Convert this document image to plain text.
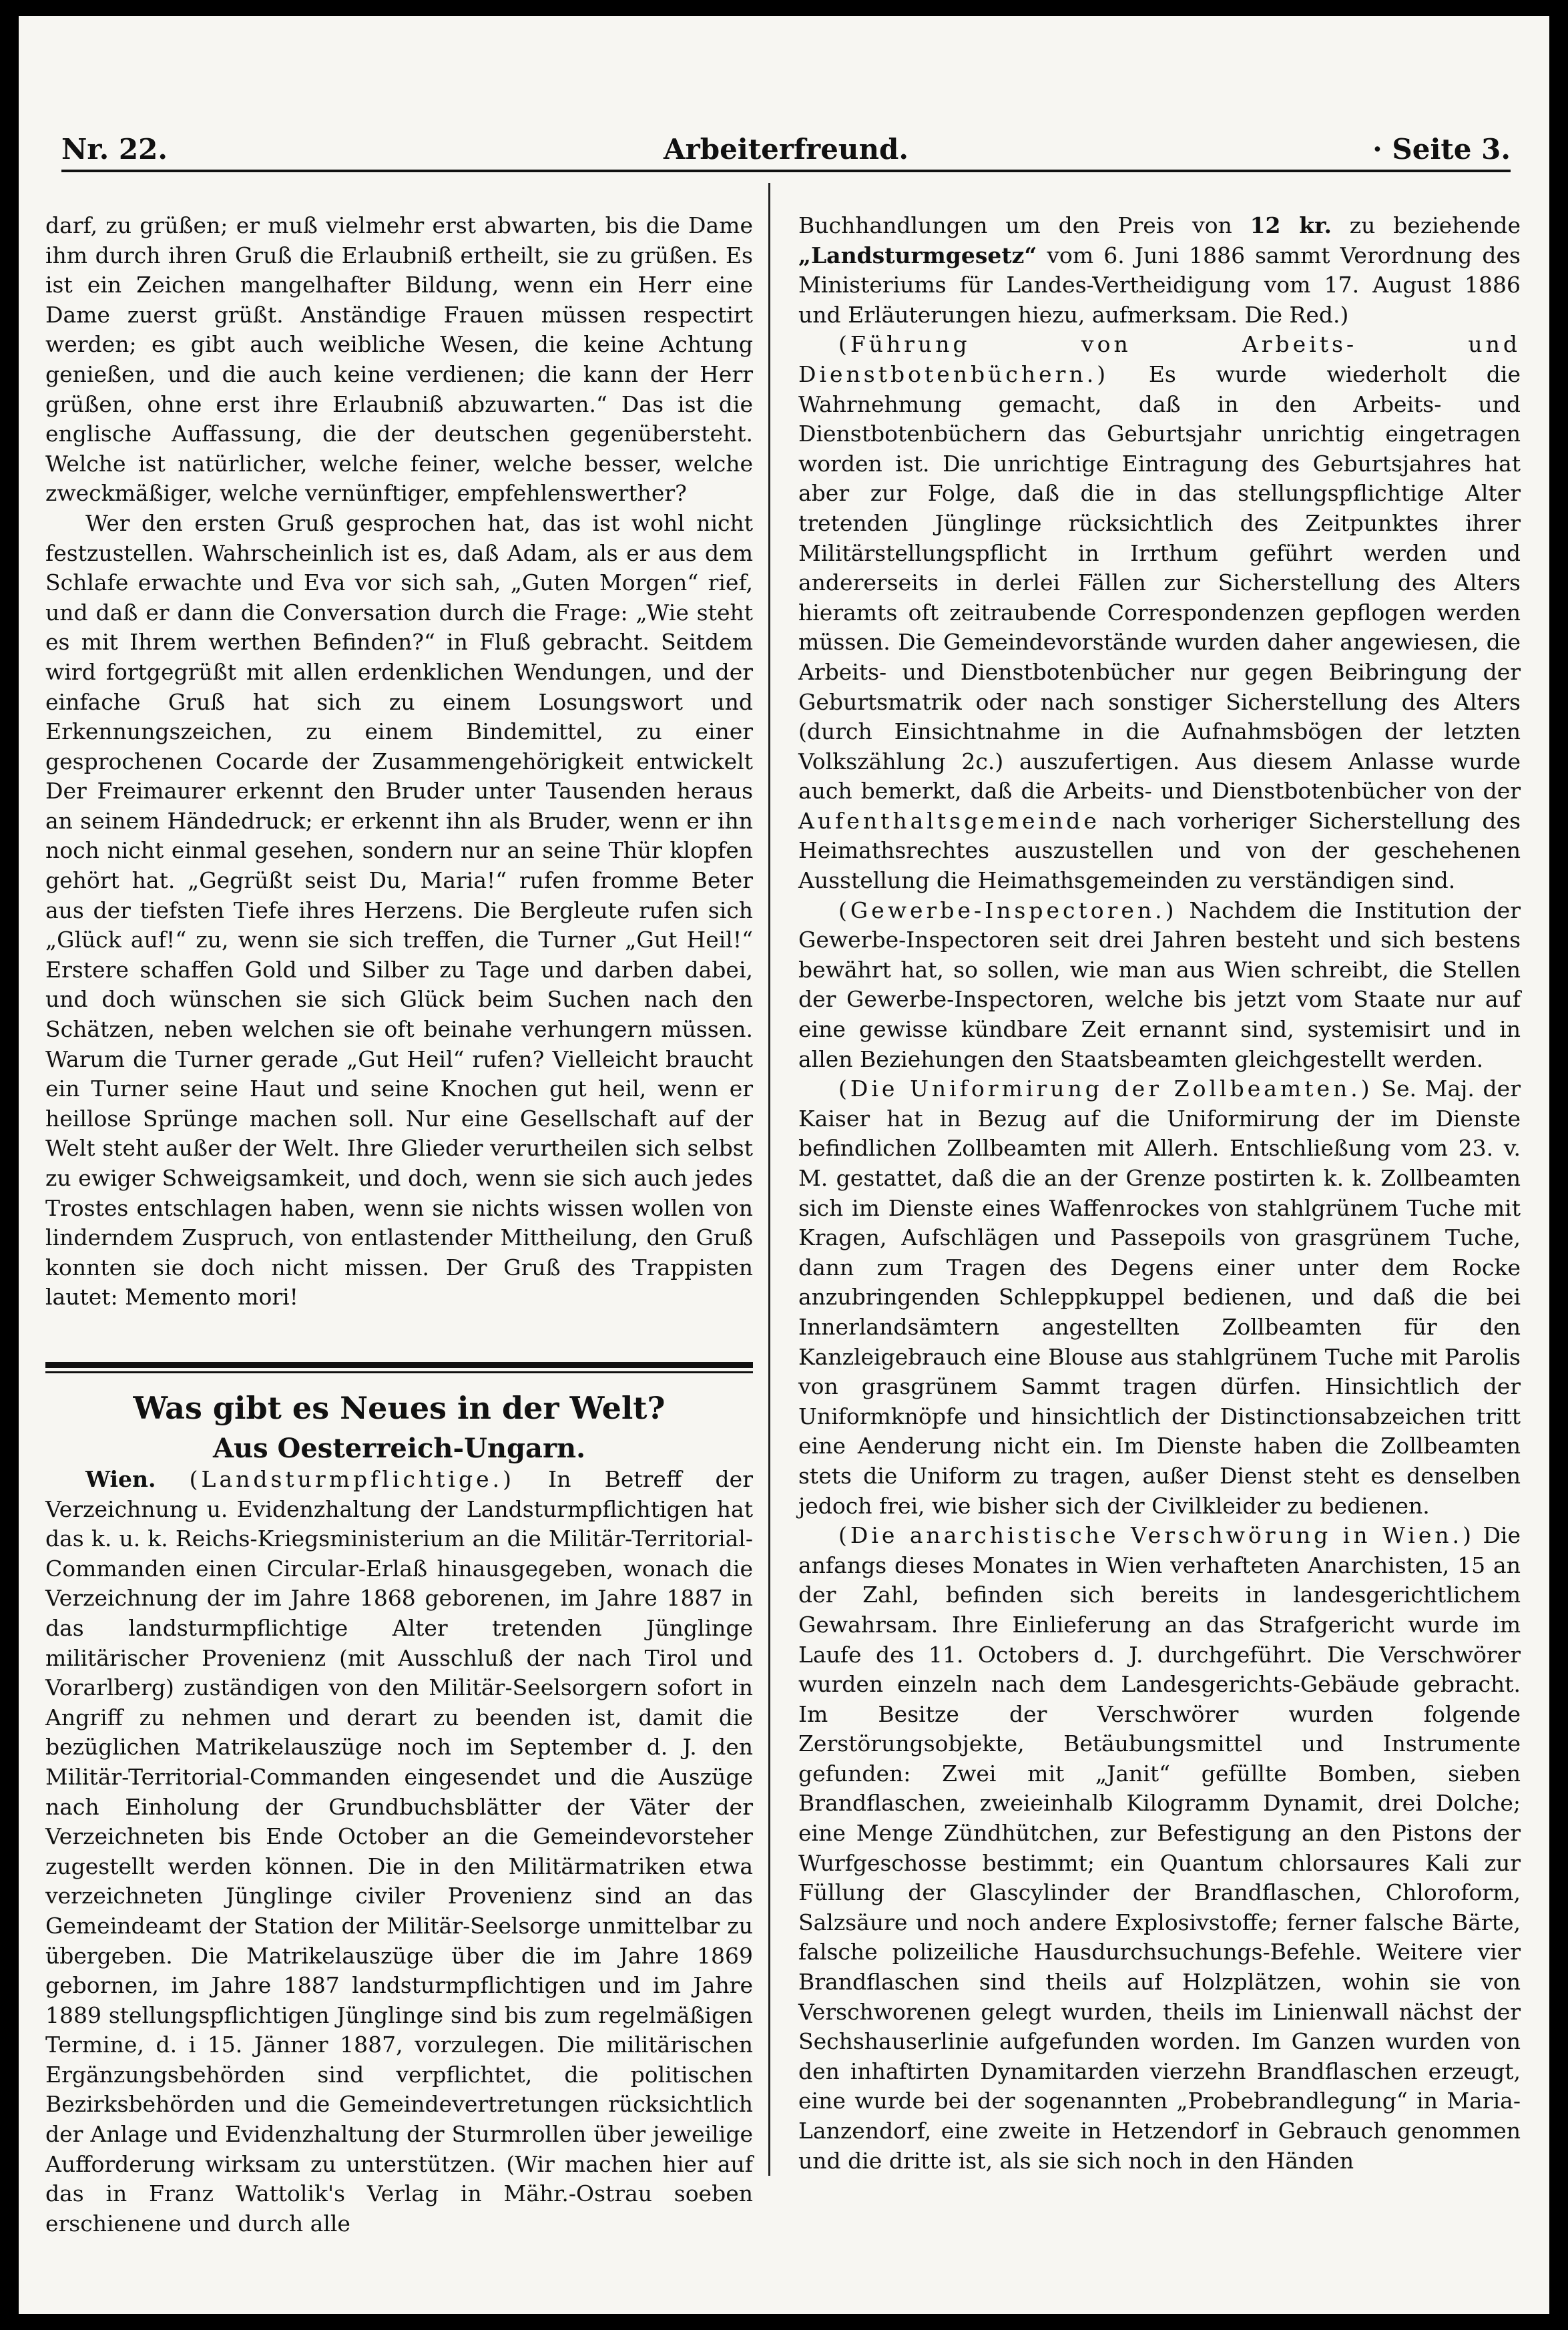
Nr. 22.	Arbeiterfreund.	· Seite 3.

darf, zu grüßen; er muß vielmehr erst abwarten, bis die Dame ihm durch ihren Gruß die Erlaubniß ertheilt, sie zu grüßen. Es ist ein Zeichen mangelhafter Bildung, wenn ein Herr eine Dame zuerst grüßt. Anständige Frauen müssen respectirt werden; es gibt auch weibliche Wesen, die keine Achtung genießen, und die auch keine verdienen; die kann der Herr grüßen, ohne erst ihre Erlaubniß abzuwarten.“ Das ist die englische Auffassung, die der deutschen gegenübersteht. Welche ist natürlicher, welche feiner, welche besser, welche zweckmäßiger, welche vernünftiger, empfehlenswerther?

Wer den ersten Gruß gesprochen hat, das ist wohl nicht festzustellen. Wahrscheinlich ist es, daß Adam, als er aus dem Schlafe erwachte und Eva vor sich sah, „Guten Morgen“ rief, und daß er dann die Conversation durch die Frage: „Wie steht es mit Ihrem werthen Befinden?“ in Fluß gebracht. Seitdem wird fortgegrüßt mit allen erdenklichen Wendungen, und der einfache Gruß hat sich zu einem Losungswort und Erkennungszeichen, zu einem Bindemittel, zu einer gesprochenen Cocarde der Zusammengehörigkeit entwickelt Der Freimaurer erkennt den Bruder unter Tausenden heraus an seinem Händedruck; er erkennt ihn als Bruder, wenn er ihn noch nicht einmal gesehen, sondern nur an seine Thür klopfen gehört hat. „Gegrüßt seist Du, Maria!“ rufen fromme Beter aus der tiefsten Tiefe ihres Herzens. Die Bergleute rufen sich „Glück auf!“ zu, wenn sie sich treffen, die Turner „Gut Heil!“ Erstere schaffen Gold und Silber zu Tage und darben dabei, und doch wünschen sie sich Glück beim Suchen nach den Schätzen, neben welchen sie oft beinahe verhungern müssen. Warum die Turner gerade „Gut Heil“ rufen? Vielleicht braucht ein Turner seine Haut und seine Knochen gut heil, wenn er heillose Sprünge machen soll. Nur eine Gesellschaft auf der Welt steht außer der Welt. Ihre Glieder verurtheilen sich selbst zu ewiger Schweigsamkeit, und doch, wenn sie sich auch jedes Trostes entschlagen haben, wenn sie nichts wissen wollen von linderndem Zuspruch, von entlastender Mittheilung, den Gruß konnten sie doch nicht missen. Der Gruß des Trappisten lautet: Memento mori!

Was gibt es Neues in der Welt?
Aus Oesterreich-Ungarn.

Wien. (Landsturmpflichtige.) In Betreff der Verzeichnung u. Evidenzhaltung der Landsturmpflichtigen hat das k. u. k. Reichs-Kriegsministerium an die Militär-Territorial-Commanden einen Circular-Erlaß hinausgegeben, wonach die Verzeichnung der im Jahre 1868 geborenen, im Jahre 1887 in das landsturmpflichtige Alter tretenden Jünglinge militärischer Provenienz (mit Ausschluß der nach Tirol und Vorarlberg) zuständigen von den Militär-Seelsorgern sofort in Angriff zu nehmen und derart zu beenden ist, damit die bezüglichen Matrikelauszüge noch im September d. J. den Militär-Territorial-Commanden eingesendet und die Auszüge nach Einholung der Grundbuchsblätter der Väter der Verzeichneten bis Ende October an die Gemeindevorsteher zugestellt werden können. Die in den Militärmatriken etwa verzeichneten Jünglinge civiler Provenienz sind an das Gemeindeamt der Station der Militär-Seelsorge unmittelbar zu übergeben. Die Matrikelauszüge über die im Jahre 1869 gebornen, im Jahre 1887 landsturmpflichtigen und im Jahre 1889 stellungspflichtigen Jünglinge sind bis zum regelmäßigen Termine, d. i 15. Jänner 1887, vorzulegen. Die militärischen Ergänzungsbehörden sind verpflichtet, die politischen Bezirksbehörden und die Gemeindevertretungen rücksichtlich der Anlage und Evidenzhaltung der Sturmrollen über jeweilige Aufforderung wirksam zu unterstützen. (Wir machen hier auf das in Franz Wattolik's Verlag in Mähr.-Ostrau soeben erschienene und durch alle

Buchhandlungen um den Preis von 12 kr. zu beziehende „Landsturmgesetz“ vom 6. Juni 1886 sammt Verordnung des Ministeriums für Landes-Vertheidigung vom 17. August 1886 und Erläuterungen hiezu, aufmerksam. Die Red.)

(Führung von Arbeits- und Dienstbotenbüchern.) Es wurde wiederholt die Wahrnehmung gemacht, daß in den Arbeits- und Dienstbotenbüchern das Geburtsjahr unrichtig eingetragen worden ist. Die unrichtige Eintragung des Geburtsjahres hat aber zur Folge, daß die in das stellungspflichtige Alter tretenden Jünglinge rücksichtlich des Zeitpunktes ihrer Militärstellungspflicht in Irrthum geführt werden und andererseits in derlei Fällen zur Sicherstellung des Alters hieramts oft zeitraubende Correspondenzen gepflogen werden müssen. Die Gemeindevorstände wurden daher angewiesen, die Arbeits- und Dienstbotenbücher nur gegen Beibringung der Geburtsmatrik oder nach sonstiger Sicherstellung des Alters (durch Einsichtnahme in die Aufnahmsbögen der letzten Volkszählung 2c.) auszufertigen. Aus diesem Anlasse wurde auch bemerkt, daß die Arbeits- und Dienstbotenbücher von der Aufenthaltsgemeinde nach vorheriger Sicherstellung des Heimathsrechtes auszustellen und von der geschehenen Ausstellung die Heimathsgemeinden zu verständigen sind.

(Gewerbe-Inspectoren.) Nachdem die Institution der Gewerbe-Inspectoren seit drei Jahren besteht und sich bestens bewährt hat, so sollen, wie man aus Wien schreibt, die Stellen der Gewerbe-Inspectoren, welche bis jetzt vom Staate nur auf eine gewisse kündbare Zeit ernannt sind, systemisirt und in allen Beziehungen den Staatsbeamten gleichgestellt werden.

(Die Uniformirung der Zollbeamten.) Se. Maj. der Kaiser hat in Bezug auf die Uniformirung der im Dienste befindlichen Zollbeamten mit Allerh. Entschließung vom 23. v. M. gestattet, daß die an der Grenze postirten k. k. Zollbeamten sich im Dienste eines Waffenrockes von stahlgrünem Tuche mit Kragen, Aufschlägen und Passepoils von grasgrünem Tuche, dann zum Tragen des Degens einer unter dem Rocke anzubringenden Schleppkuppel bedienen, und daß die bei Innerlandsämtern angestellten Zollbeamten für den Kanzleigebrauch eine Blouse aus stahlgrünem Tuche mit Parolis von grasgrünem Sammt tragen dürfen. Hinsichtlich der Uniformknöpfe und hinsichtlich der Distinctionsabzeichen tritt eine Aenderung nicht ein. Im Dienste haben die Zollbeamten stets die Uniform zu tragen, außer Dienst steht es denselben jedoch frei, wie bisher sich der Civilkleider zu bedienen.

(Die anarchistische Verschwörung in Wien.) Die anfangs dieses Monates in Wien verhafteten Anarchisten, 15 an der Zahl, befinden sich bereits in landesgerichtlichem Gewahrsam. Ihre Einlieferung an das Strafgericht wurde im Laufe des 11. Octobers d. J. durchgeführt. Die Verschwörer wurden einzeln nach dem Landesgerichts-Gebäude gebracht. Im Besitze der Verschwörer wurden folgende Zerstörungsobjekte, Betäubungsmittel und Instrumente gefunden: Zwei mit „Janit“ gefüllte Bomben, sieben Brandflaschen, zweieinhalb Kilogramm Dynamit, drei Dolche; eine Menge Zündhütchen, zur Befestigung an den Pistons der Wurfgeschosse bestimmt; ein Quantum chlorsaures Kali zur Füllung der Glascylinder der Brandflaschen, Chloroform, Salzsäure und noch andere Explosivstoffe; ferner falsche Bärte, falsche polizeiliche Hausdurchsuchungs-Befehle. Weitere vier Brandflaschen sind theils auf Holzplätzen, wohin sie von Verschworenen gelegt wurden, theils im Linienwall nächst der Sechshauserlinie aufgefunden worden. Im Ganzen wurden von den inhaftirten Dynamitarden vierzehn Brandflaschen erzeugt, eine wurde bei der sogenannten „Probebrandlegung“ in Maria-Lanzendorf, eine zweite in Hetzendorf in Gebrauch genommen und die dritte ist, als sie sich noch in den Händen
